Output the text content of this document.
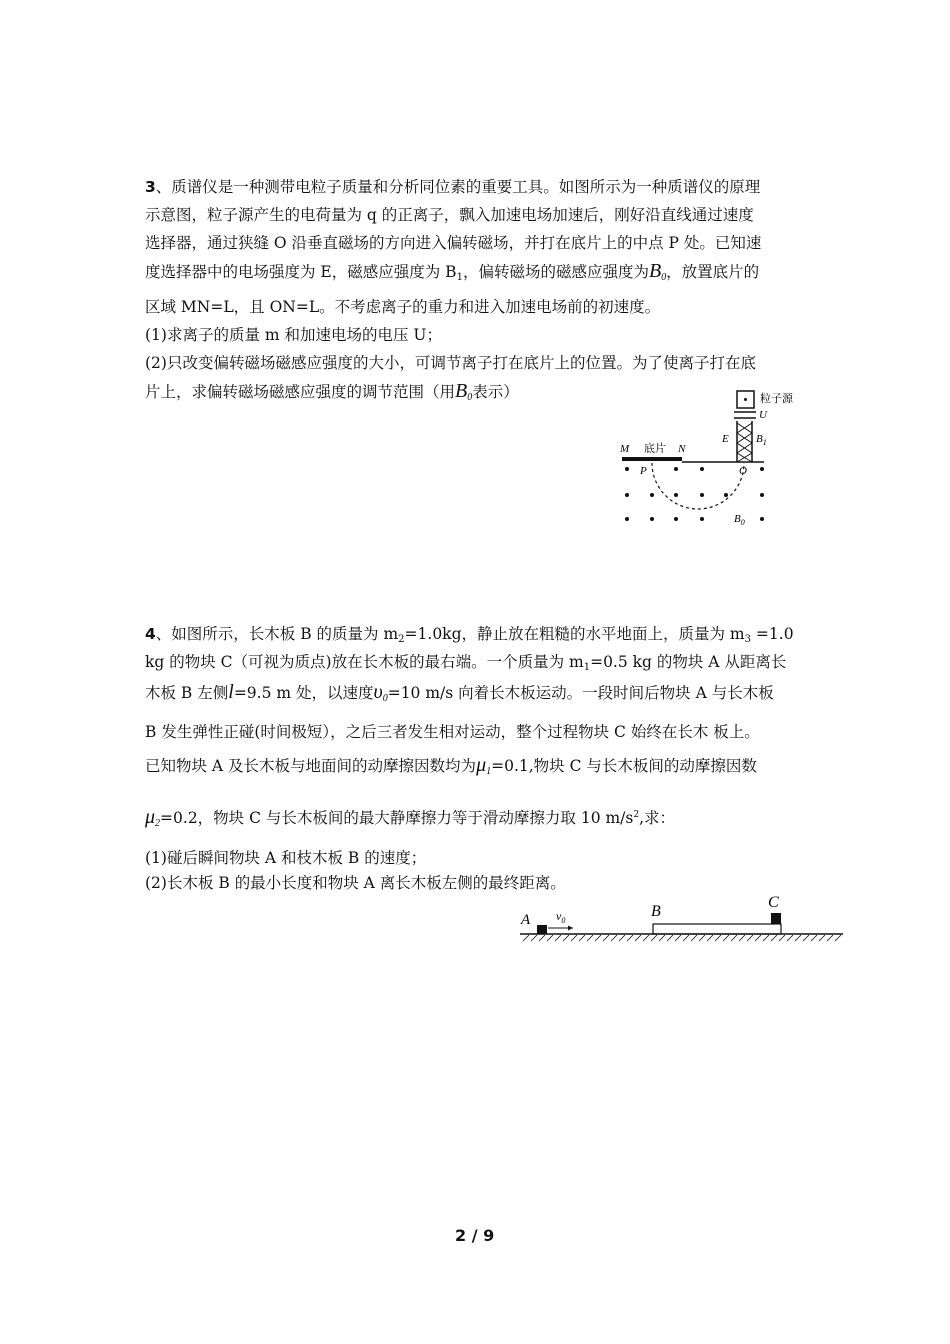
3、质谱仪是一种测带电粒子质量和分析同位素的重要工具。如图所示为一种质谱仪的原理
示意图，粒子源产生的电荷量为 q 的正离子，飘入加速电场加速后，刚好沿直线通过速度
选择器，通过狭缝 O 沿垂直磁场的方向进入偏转磁场，并打在底片上的中点 P 处。已知速
度选择器中的电场强度为 E，磁感应强度为 $B_1$，偏转磁场的磁感应强度为$B_0$，放置底片的
区域 MN=L，且 ON=L。不考虑离子的重力和进入加速电场前的初速度。
(1)求离子的质量 m 和加速电场的电压 U；
(2)只改变偏转磁场磁感应强度的大小，可调节离子打在底片上的位置。为了使离子打在底
片上，求偏转磁场磁感应强度的调节范围（用$B_0$表示）	粒子源
U
E $B_1$
M 底片 N
P	O
$B_0$
4、如图所示，长木板 B 的质量为 $m_2=1.0kg$，静止放在粗糙的水平地面上，质量为 $m_3 =1.0$
kg 的物块 C（可视为质点)放在长木板的最右端。一个质量为 $m_1=0.5$ kg 的物块 A 从距离长
木板 B 左侧l=9.5 m 处，以速度$\upsilon_0=10$ m/s 向着长木板运动。一段时间后物块 A 与长木板
B 发生弹性正碰(时间极短），之后三者发生相对运动，整个过程物块 C 始终在长木 板上。
已知物块 A 及长木板与地面间的动摩擦因数均为$\mu_1=0.1$,物块 C 与长木板间的动摩擦因数
$\mu_2=0.2$，物块 C 与长木板间的最大静摩擦力等于滑动摩擦力取 10 $m/s^2$,求：
(1)碰后瞬间物块 A 和枝木板 B 的速度；
(2)长木板 B 的最小长度和物块 A 离长木板左侧的最终距离。
A $v_0$
B
C
2 / 9
